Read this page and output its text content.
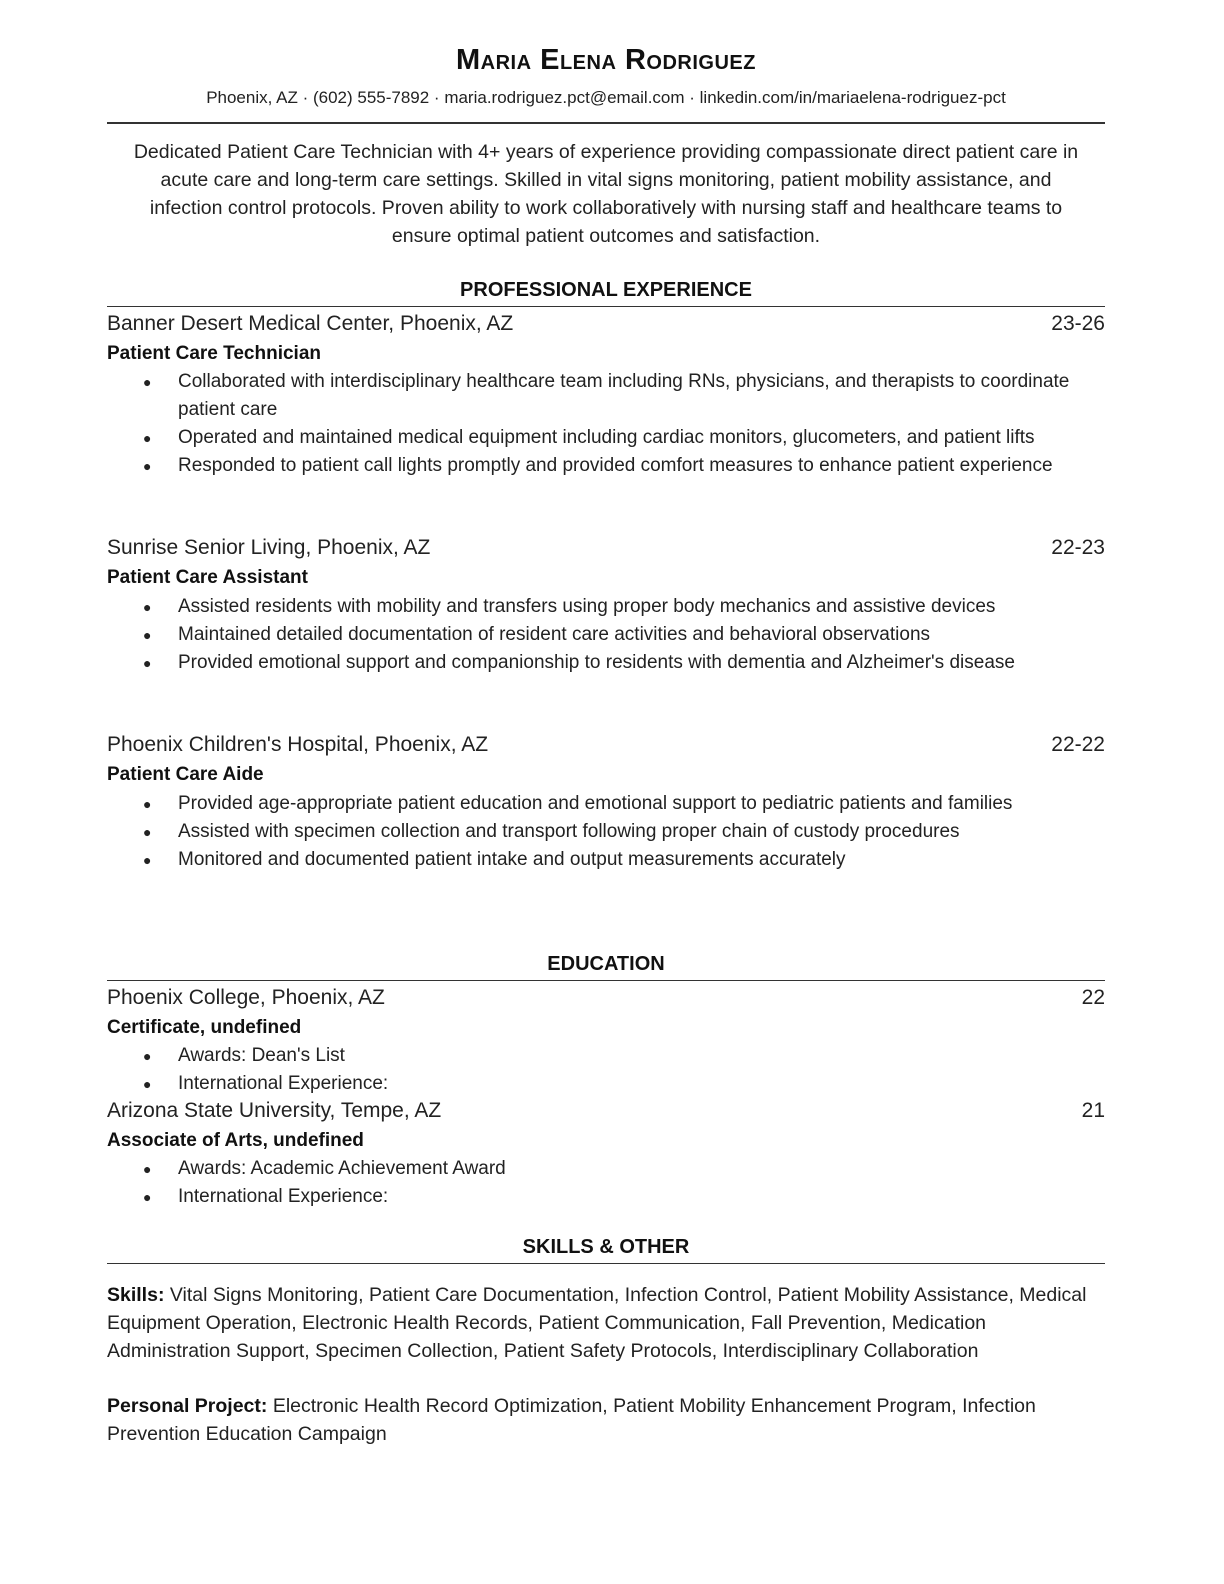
Maria Elena Rodriguez
Phoenix, AZ · (602) 555-7892 · maria.rodriguez.pct@email.com · linkedin.com/in/mariaelena-rodriguez-pct
Dedicated Patient Care Technician with 4+ years of experience providing compassionate direct patient care in acute care and long-term care settings. Skilled in vital signs monitoring, patient mobility assistance, and infection control protocols. Proven ability to work collaboratively with nursing staff and healthcare teams to ensure optimal patient outcomes and satisfaction.
PROFESSIONAL EXPERIENCE
Banner Desert Medical Center, Phoenix, AZ	23-26
Patient Care Technician
● Collaborated with interdisciplinary healthcare team including RNs, physicians, and therapists to coordinate patient care
● Operated and maintained medical equipment including cardiac monitors, glucometers, and patient lifts
● Responded to patient call lights promptly and provided comfort measures to enhance patient experience
Sunrise Senior Living, Phoenix, AZ	22-23
Patient Care Assistant
● Assisted residents with mobility and transfers using proper body mechanics and assistive devices
● Maintained detailed documentation of resident care activities and behavioral observations
● Provided emotional support and companionship to residents with dementia and Alzheimer's disease
Phoenix Children's Hospital, Phoenix, AZ	22-22
Patient Care Aide
● Provided age-appropriate patient education and emotional support to pediatric patients and families
● Assisted with specimen collection and transport following proper chain of custody procedures
● Monitored and documented patient intake and output measurements accurately
EDUCATION
Phoenix College, Phoenix, AZ	22
Certificate, undefined
● Awards: Dean's List
● International Experience:
Arizona State University, Tempe, AZ	21
Associate of Arts, undefined
● Awards: Academic Achievement Award
● International Experience:
SKILLS & OTHER
Skills: Vital Signs Monitoring, Patient Care Documentation, Infection Control, Patient Mobility Assistance, Medical Equipment Operation, Electronic Health Records, Patient Communication, Fall Prevention, Medication Administration Support, Specimen Collection, Patient Safety Protocols, Interdisciplinary Collaboration
Personal Project: Electronic Health Record Optimization, Patient Mobility Enhancement Program, Infection Prevention Education Campaign
